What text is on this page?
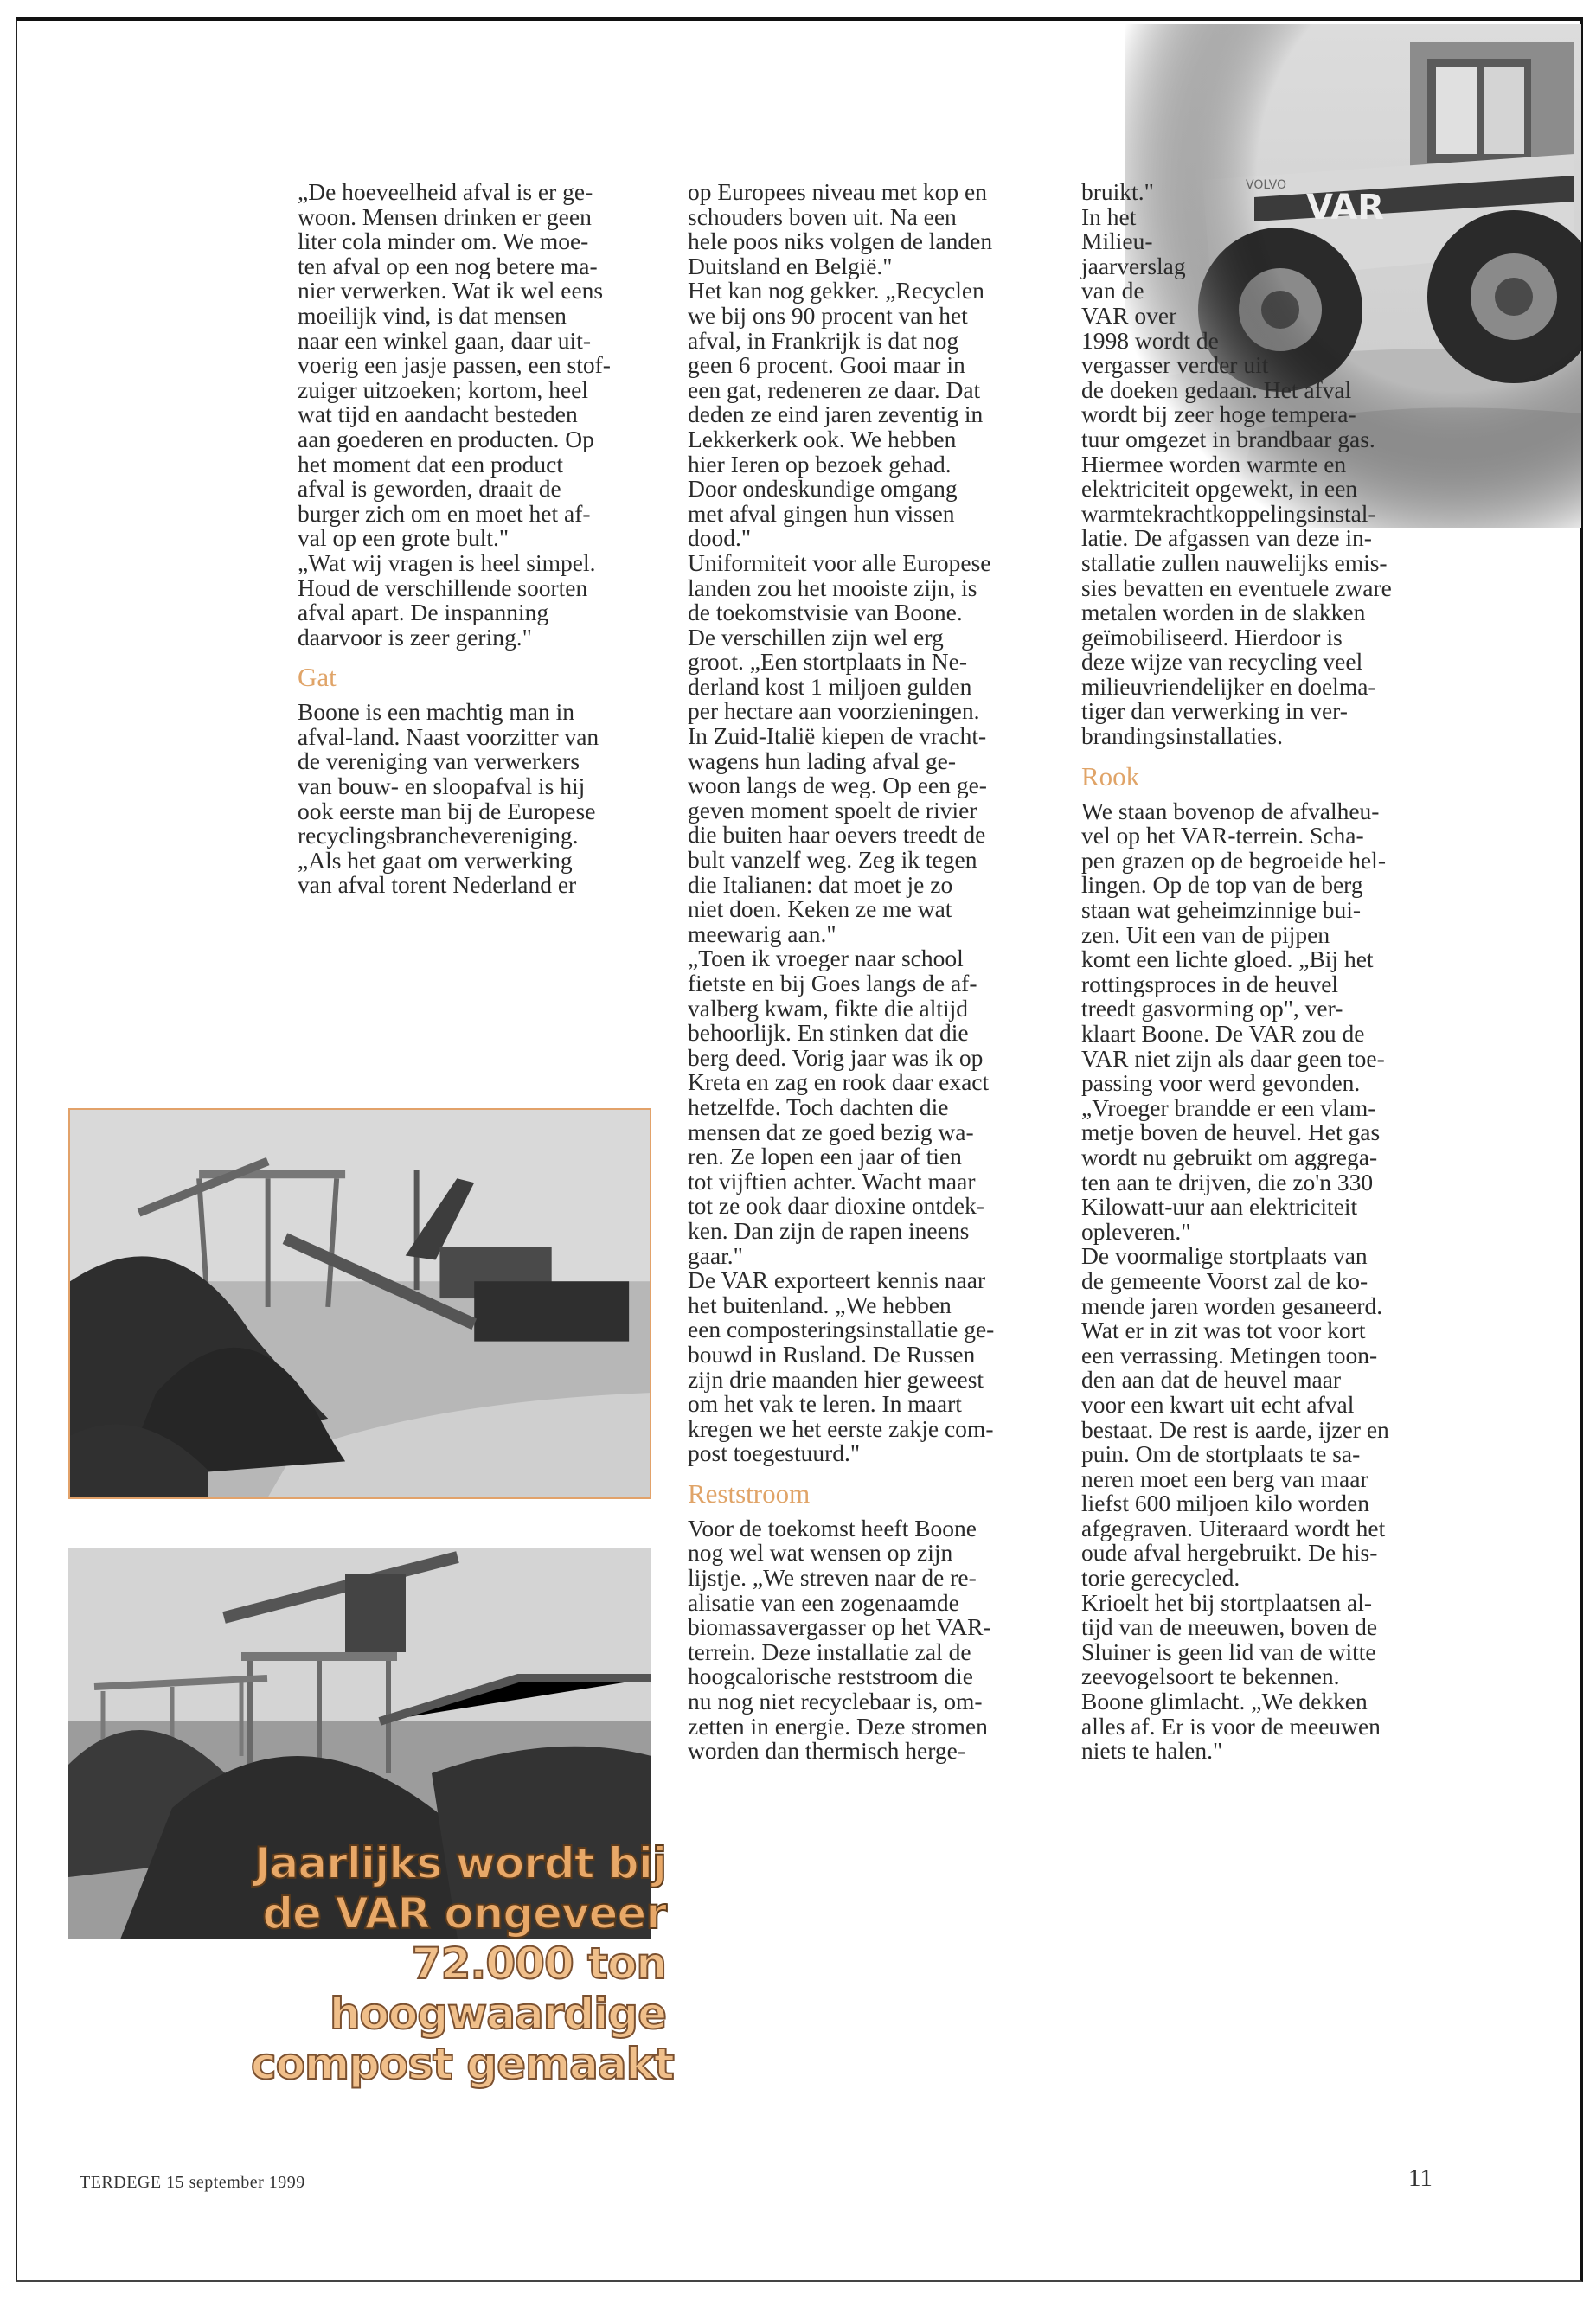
Jaarlijks wordt bij
de VAR ongeveer
72.000 ton
hoogwaardige
compost gemaakt

„De hoeveelheid afval is er ge-

woon. Mensen drinken er geen

liter cola minder om. We moe-

ten afval op een nog betere ma-

nier verwerken. Wat ik wel eens

moeilijk vind, is dat mensen

naar een winkel gaan, daar uit-

voerig een jasje passen, een stof-

zuiger uitzoeken; kortom, heel

wat tijd en aandacht besteden

aan goederen en producten. Op

het moment dat een product

afval is geworden, draait de

burger zich om en moet het af-

val op een grote bult."

„Wat wij vragen is heel simpel.

Houd de verschillende soorten

afval apart. De inspanning

daarvoor is zeer gering."

Gat

Boone is een machtig man in

afval-land. Naast voorzitter van

de vereniging van verwerkers

van bouw- en sloopafval is hij

ook eerste man bij de Europese

recyclingsbranchevereniging.

„Als het gaat om verwerking

van afval torent Nederland er

op Europees niveau met kop en

schouders boven uit. Na een

hele poos niks volgen de landen

Duitsland en België."

Het kan nog gekker. „Recyclen

we bij ons 90 procent van het

afval, in Frankrijk is dat nog

geen 6 procent. Gooi maar in

een gat, redeneren ze daar. Dat

deden ze eind jaren zeventig in

Lekkerkerk ook. We hebben

hier Ieren op bezoek gehad.

Door ondeskundige omgang

met afval gingen hun vissen

dood."

Uniformiteit voor alle Europese

landen zou het mooiste zijn, is

de toekomstvisie van Boone.

De verschillen zijn wel erg

groot. „Een stortplaats in Ne-

derland kost 1 miljoen gulden

per hectare aan voorzieningen.

In Zuid-Italië kiepen de vracht-

wagens hun lading afval ge-

woon langs de weg. Op een ge-

geven moment spoelt de rivier

die buiten haar oevers treedt de

bult vanzelf weg. Zeg ik tegen

die Italianen: dat moet je zo

niet doen. Keken ze me wat

meewarig aan."

„Toen ik vroeger naar school

fietste en bij Goes langs de af-

valberg kwam, fikte die altijd

behoorlijk. En stinken dat die

berg deed. Vorig jaar was ik op

Kreta en zag en rook daar exact

hetzelfde. Toch dachten die

mensen dat ze goed bezig wa-

ren. Ze lopen een jaar of tien

tot vijftien achter. Wacht maar

tot ze ook daar dioxine ontdek-

ken. Dan zijn de rapen ineens

gaar."

De VAR exporteert kennis naar

het buitenland. „We hebben

een composteringsinstallatie ge-

bouwd in Rusland. De Russen

zijn drie maanden hier geweest

om het vak te leren. In maart

kregen we het eerste zakje com-

post toegestuurd."

Reststroom

Voor de toekomst heeft Boone

nog wel wat wensen op zijn

lijstje. „We streven naar de re-

alisatie van een zogenaamde

biomassavergasser op het VAR-

terrein. Deze installatie zal de

hoogcalorische reststroom die

nu nog niet recyclebaar is, om-

zetten in energie. Deze stromen

worden dan thermisch herge-

bruikt."

In het

Milieu-

jaarverslag

van de

VAR over

1998 wordt de

vergasser verder uit

de doeken gedaan. Het afval

wordt bij zeer hoge tempera-

tuur omgezet in brandbaar gas.

Hiermee worden warmte en

elektriciteit opgewekt, in een

warmtekrachtkoppelingsinstal-

latie. De afgassen van deze in-

stallatie zullen nauwelijks emis-

sies bevatten en eventuele zware

metalen worden in de slakken

geïmobiliseerd. Hierdoor is

deze wijze van recycling veel

milieuvriendelijker en doelma-

tiger dan verwerking in ver-

brandingsinstallaties.

Rook

We staan bovenop de afvalheu-

vel op het VAR-terrein. Scha-

pen grazen op de begroeide hel-

lingen. Op de top van de berg

staan wat geheimzinnige bui-

zen. Uit een van de pijpen

komt een lichte gloed. „Bij het

rottingsproces in de heuvel

treedt gasvorming op", ver-

klaart Boone. De VAR zou de

VAR niet zijn als daar geen toe-

passing voor werd gevonden.

„Vroeger brandde er een vlam-

metje boven de heuvel. Het gas

wordt nu gebruikt om aggrega-

ten aan te drijven, die zo'n 330

Kilowatt-uur aan elektriciteit

opleveren."

De voormalige stortplaats van

de gemeente Voorst zal de ko-

mende jaren worden gesaneerd.

Wat er in zit was tot voor kort

een verrassing. Metingen toon-

den aan dat de heuvel maar

voor een kwart uit echt afval

bestaat. De rest is aarde, ijzer en

puin. Om de stortplaats te sa-

neren moet een berg van maar

liefst 600 miljoen kilo worden

afgegraven. Uiteraard wordt het

oude afval hergebruikt. De his-

torie gerecycled.

Krioelt het bij stortplaatsen al-

tijd van de meeuwen, boven de

Sluiner is geen lid van de witte

zeevogelsoort te bekennen.

Boone glimlacht. „We dekken

alles af. Er is voor de meeuwen

niets te halen."

TERDEGE 15 september 1999	11
